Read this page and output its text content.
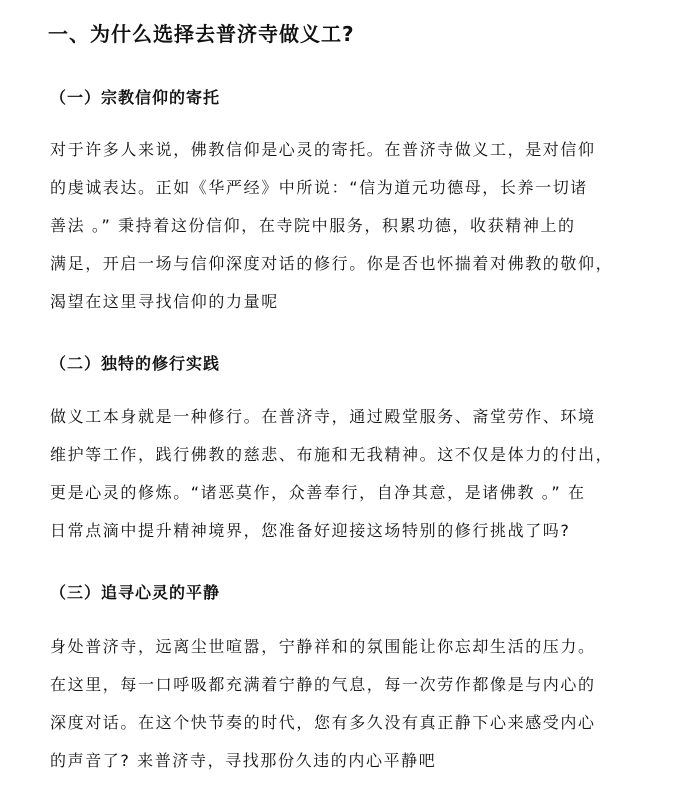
一、为什么选择去普济寺做义工?
（一）宗教信仰的寄托
对于许多人来说，佛教信仰是心灵的寄托。在普济寺做义工，是对信仰
的虔诚表达。正如《华严经》中所说：“信为道元功德母，长养一切诸
善法 。” 秉持着这份信仰，在寺院中服务，积累功德，收获精神上的
满足，开启一场与信仰深度对话的修行。你是否也怀揣着对佛教的敬仰，
渴望在这里寻找信仰的力量呢
（二）独特的修行实践
做义工本身就是一种修行。在普济寺，通过殿堂服务、斋堂劳作、环境
维护等工作，践行佛教的慈悲、布施和无我精神。这不仅是体力的付出，
更是心灵的修炼。“诸恶莫作，众善奉行，自净其意，是诸佛教 。” 在
日常点滴中提升精神境界，您准备好迎接这场特别的修行挑战了吗?
（三）追寻心灵的平静
身处普济寺，远离尘世喧嚣，宁静祥和的氛围能让你忘却生活的压力。
在这里，每一口呼吸都充满着宁静的气息，每一次劳作都像是与内心的
深度对话。在这个快节奏的时代，您有多久没有真正静下心来感受内心
的声音了? 来普济寺，寻找那份久违的内心平静吧
